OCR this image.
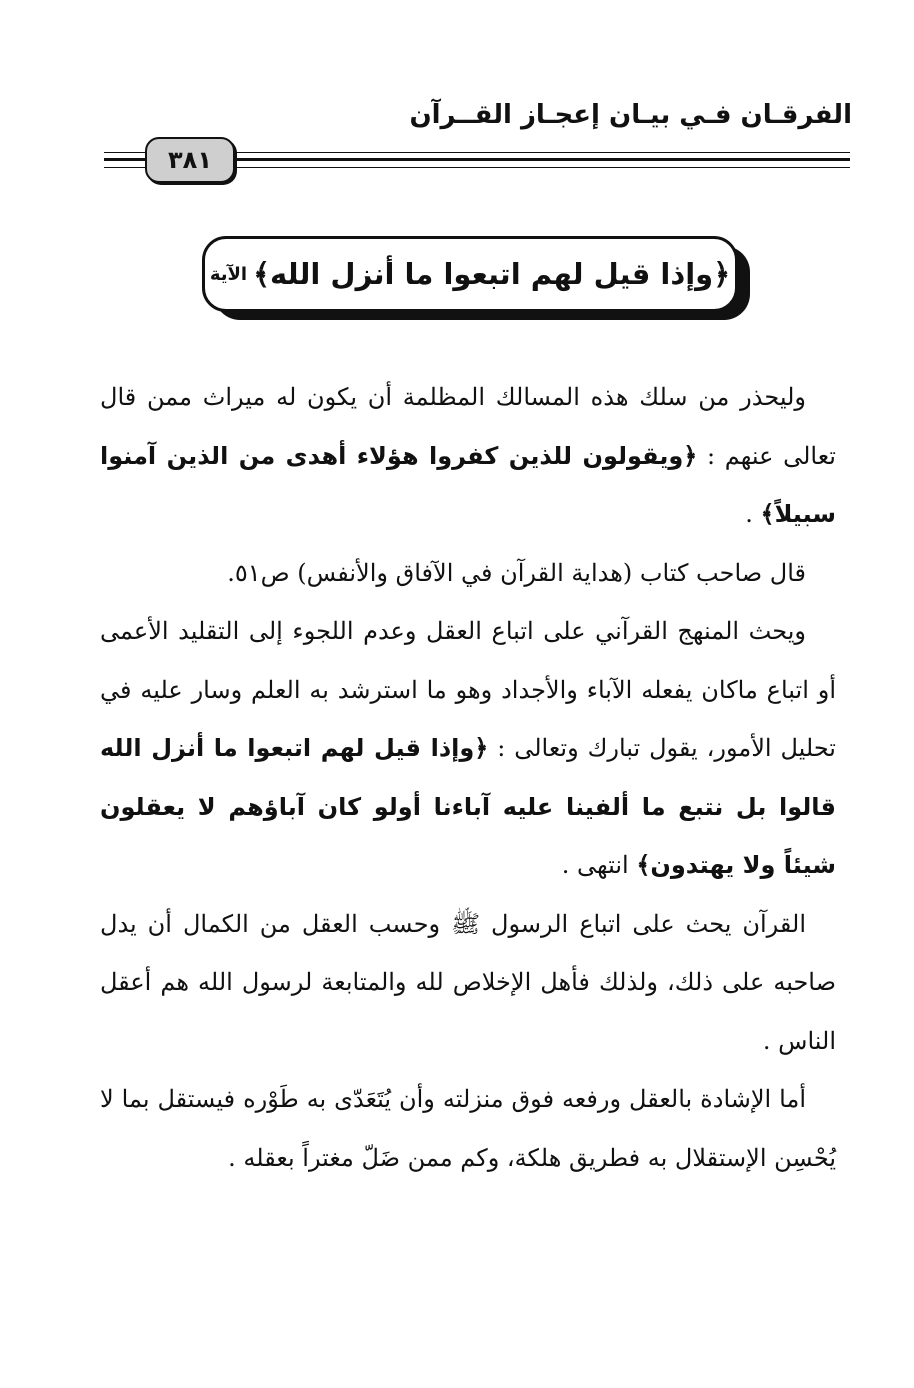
الفرقـان فـي بيـان إعجـاز القــرآن
٣٨١
﴿وإذا قيل لهم اتبعوا ما أنزل الله﴾
الآية

وليحذر من سلك هذه المسالك المظلمة أن يكون له ميراث ممن قال تعالى عنهم : ﴿ويقولون للذين كفروا هؤلاء أهدى من الذين آمنوا سبيلاً﴾ .

قال صاحب كتاب (هداية القرآن في الآفاق والأنفس) ص٥١.

ويحث المنهج القرآني على اتباع العقل وعدم اللجوء إلى التقليد الأعمى أو اتباع ماكان يفعله الآباء والأجداد وهو ما استرشد به العلم وسار عليه في تحليل الأمور، يقول تبارك وتعالى : ﴿وإذا قيل لهم اتبعوا ما أنزل الله قالوا بل نتبع ما ألفينا عليه آباءنا أولو كان آباؤهم لا يعقلون شيئاً ولا يهتدون﴾ انتهى .

القرآن يحث على اتباع الرسول ﷺ وحسب العقل من الكمال أن يدل صاحبه على ذلك، ولذلك فأهل الإخلاص لله والمتابعة لرسول الله هم أعقل الناس .

أما الإشادة بالعقل ورفعه فوق منزلته وأن يُتَعَدّى به طَوْره فيستقل بما لا يُحْسِن الإستقلال به فطريق هلكة، وكم ممن ضَلّ مغتراً بعقله .
